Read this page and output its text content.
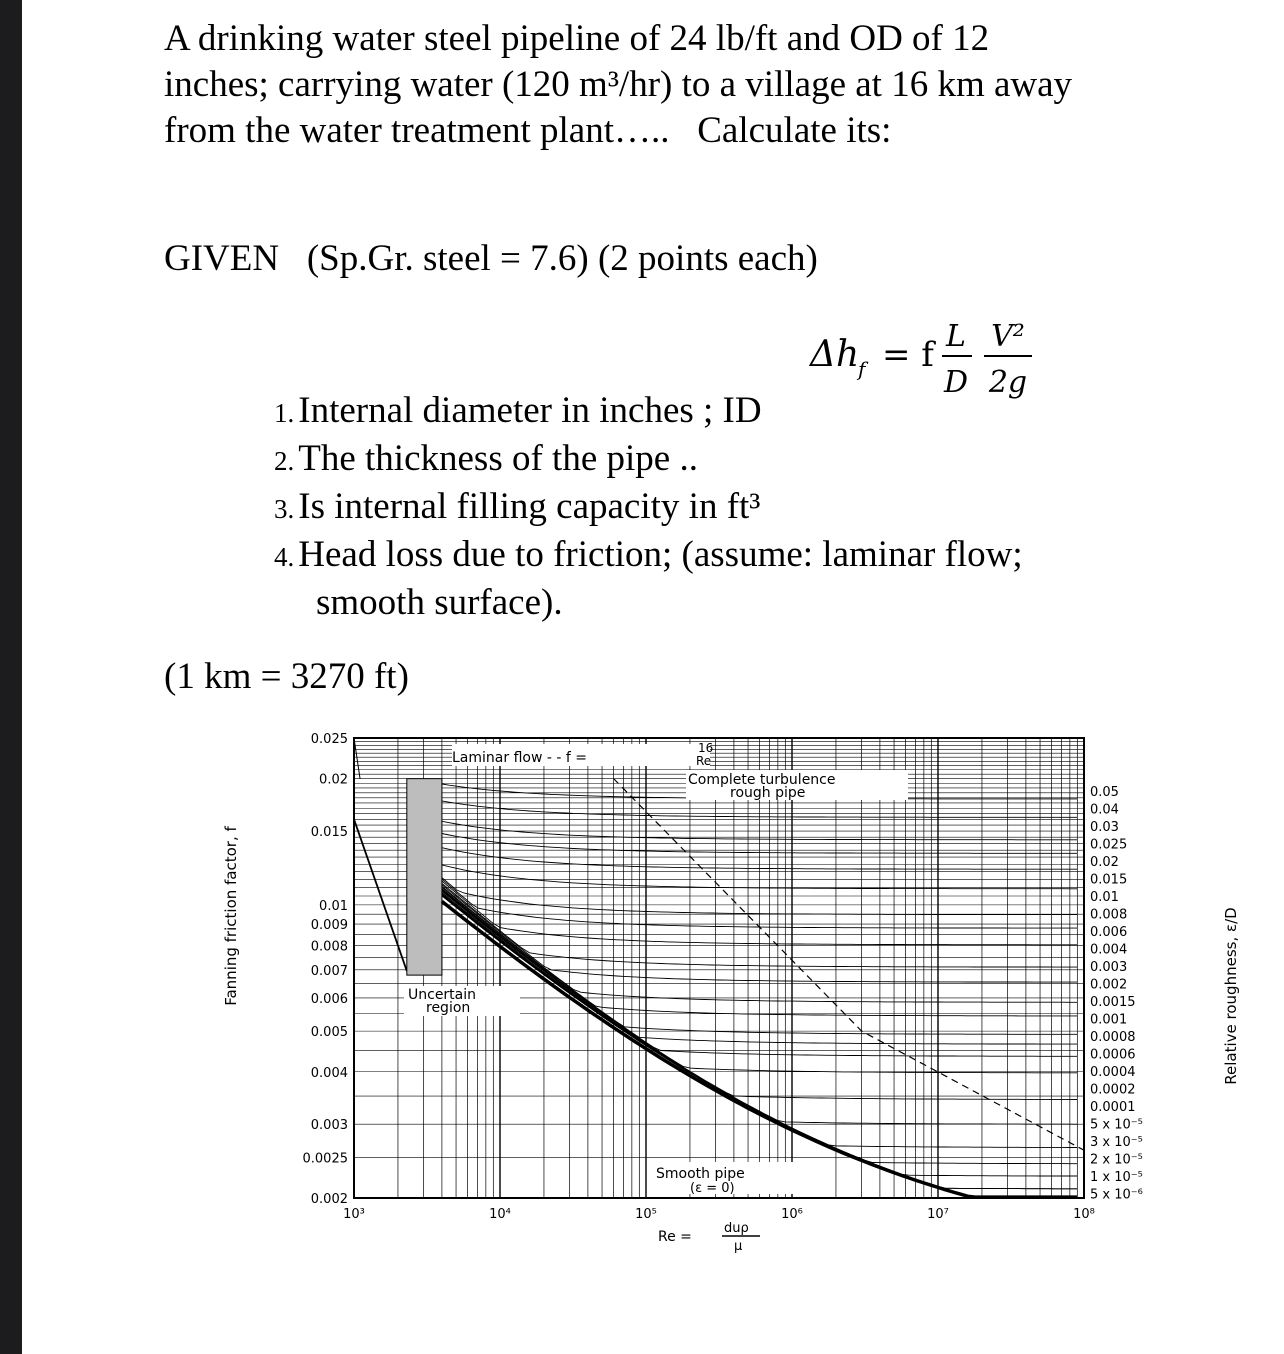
A drinking water steel pipeline of 24 lb/ft and OD of 12
inches; carrying water (120 m³/hr) to a village at 16 km away
from the water treatment plant…..   Calculate its:
GIVEN   (Sp.Gr. steel = 7.6) (2 points each)
Δh
f = f L
D
V²
2g
1. Internal diameter in inches ; ID
2. The thickness of the pipe ..
3. Is internal filling capacity in ft³
4. Head loss due to friction; (assume: laminar flow;
smooth surface).
(1 km = 3270 ft)
0.025
0.02
0.015
0.01
0.009
0.008
0.007
0.006
0.005
0.004
0.003
0.0025
0.002
10³	10⁴	10⁵	10⁶	10⁷	10⁸
0.05
0.04
0.03
0.025
0.02
0.015
0.01
0.008
0.006
0.004
0.003
0.002
0.0015
0.001
0.0008
0.0006
0.0004
0.0002
0.0001
5 x 10⁻⁵
3 x 10⁻⁵
2 x 10⁻⁵
1 x 10⁻⁵
5 x 10⁻⁶
Fanning friction factor, f	Relative roughness, ε/D
Laminar flow - - f =
16
Re
Complete turbulence
rough pipe
Uncertain
region
Smooth pipe
(ε = 0)
Re =
duρ
μ
